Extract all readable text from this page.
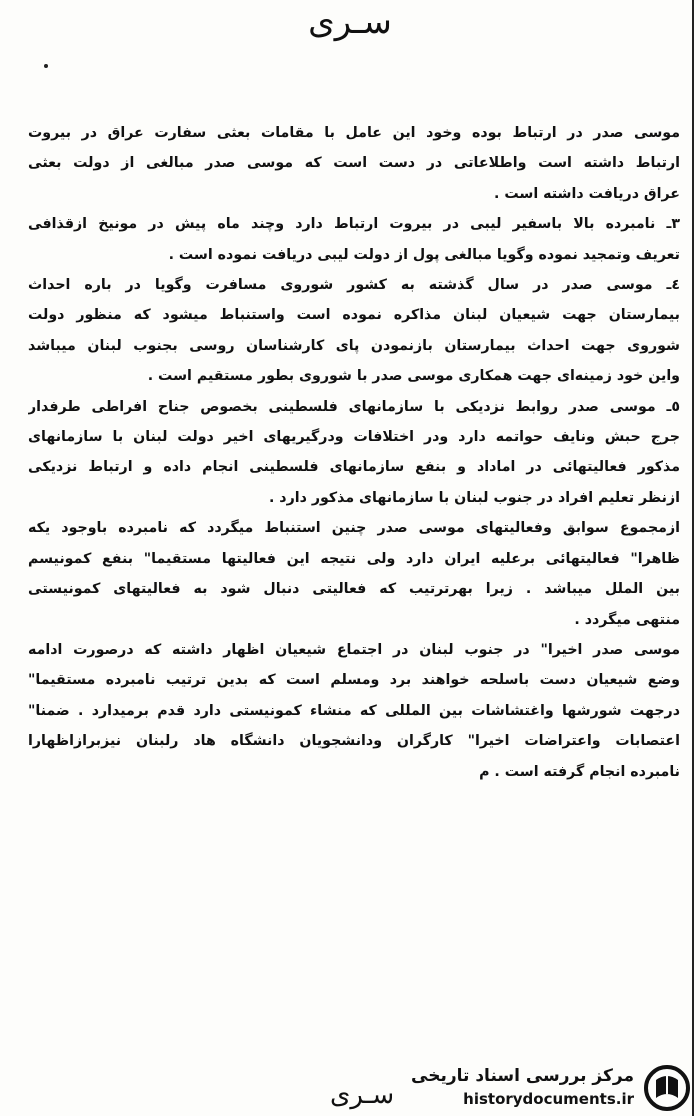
سـرى
موسى صدر در ارتباط بوده وخود اين عامل با مقامات بعثى سفارت عراق در بيروت
ارتباط داشته است واطلاعاتى در دست است كه موسى صدر مبالغى از دولت بعثى
عراق دريافت داشته است .
٣ـ نامبرده بالا باسفير ليبى در بيروت ارتباط دارد وچند ماه پيش در مونيخ ازقذافى
تعريف وتمجيد نموده وگويا مبالغى پول از دولت ليبى دريافت نموده است .
٤ـ موسى صدر در سال گذشته به كشور شوروى مسافرت وگويا در باره احداث
بيمارستان جهت شيعيان لبنان مذاكره نموده است واستنباط ميشود كه منظور دولت
شوروى جهت احداث بيمارستان بازنمودن پاى كارشناسان روسى بجنوب لبنان ميباشد
واين خود زمينه‌اى جهت همكارى موسى صدر با شوروى بطور مستقيم است .
٥ـ موسى صدر روابط نزديكى با سازمانهاى فلسطينى بخصوص جناح افراطى طرفدار
جرج حبش ونايف حواتمه دارد ودر اختلافات ودرگيريهاى اخير دولت لبنان با سازمانهاى
مذكور فعاليتهائى در اماداد و بنفع سازمانهاى فلسطينى انجام داده و ارتباط نزديكى
ازنظر تعليم افراد در جنوب لبنان با سازمانهاى مذكور دارد .
ازمجموع سوابق وفعاليتهاى موسى صدر چنين استنباط ميگردد كه نامبرده باوجود يكه
ظاهرا" فعاليتهائى برعليه ايران دارد ولى نتيجه اين فعاليتها مستقيما" بنفع كمونيسم
بين الملل ميباشد . زيرا بهرترتيب كه فعاليتى دنبال شود به فعاليتهاى كمونيستى
منتهى ميگردد .
موسى صدر اخيرا" در جنوب لبنان در اجتماع شيعيان اظهار داشته كه درصورت ادامه
وضع شيعيان دست باسلحه خواهند برد ومسلم است كه بدين ترتيب نامبرده مستقيما"
درجهت شورشها واغتشاشات بين المللى كه منشاء كمونيستى دارد قدم برميدارد . ضمنا"
اعتصابات واعتراضات اخيرا" كارگران ودانشجويان دانشگاه هاد رلبنان نيزبرازاظهارا
نامبرده انجام گرفته است . م
سـرى
مركز بررسى اسناد تاريخى
historydocuments.ir
